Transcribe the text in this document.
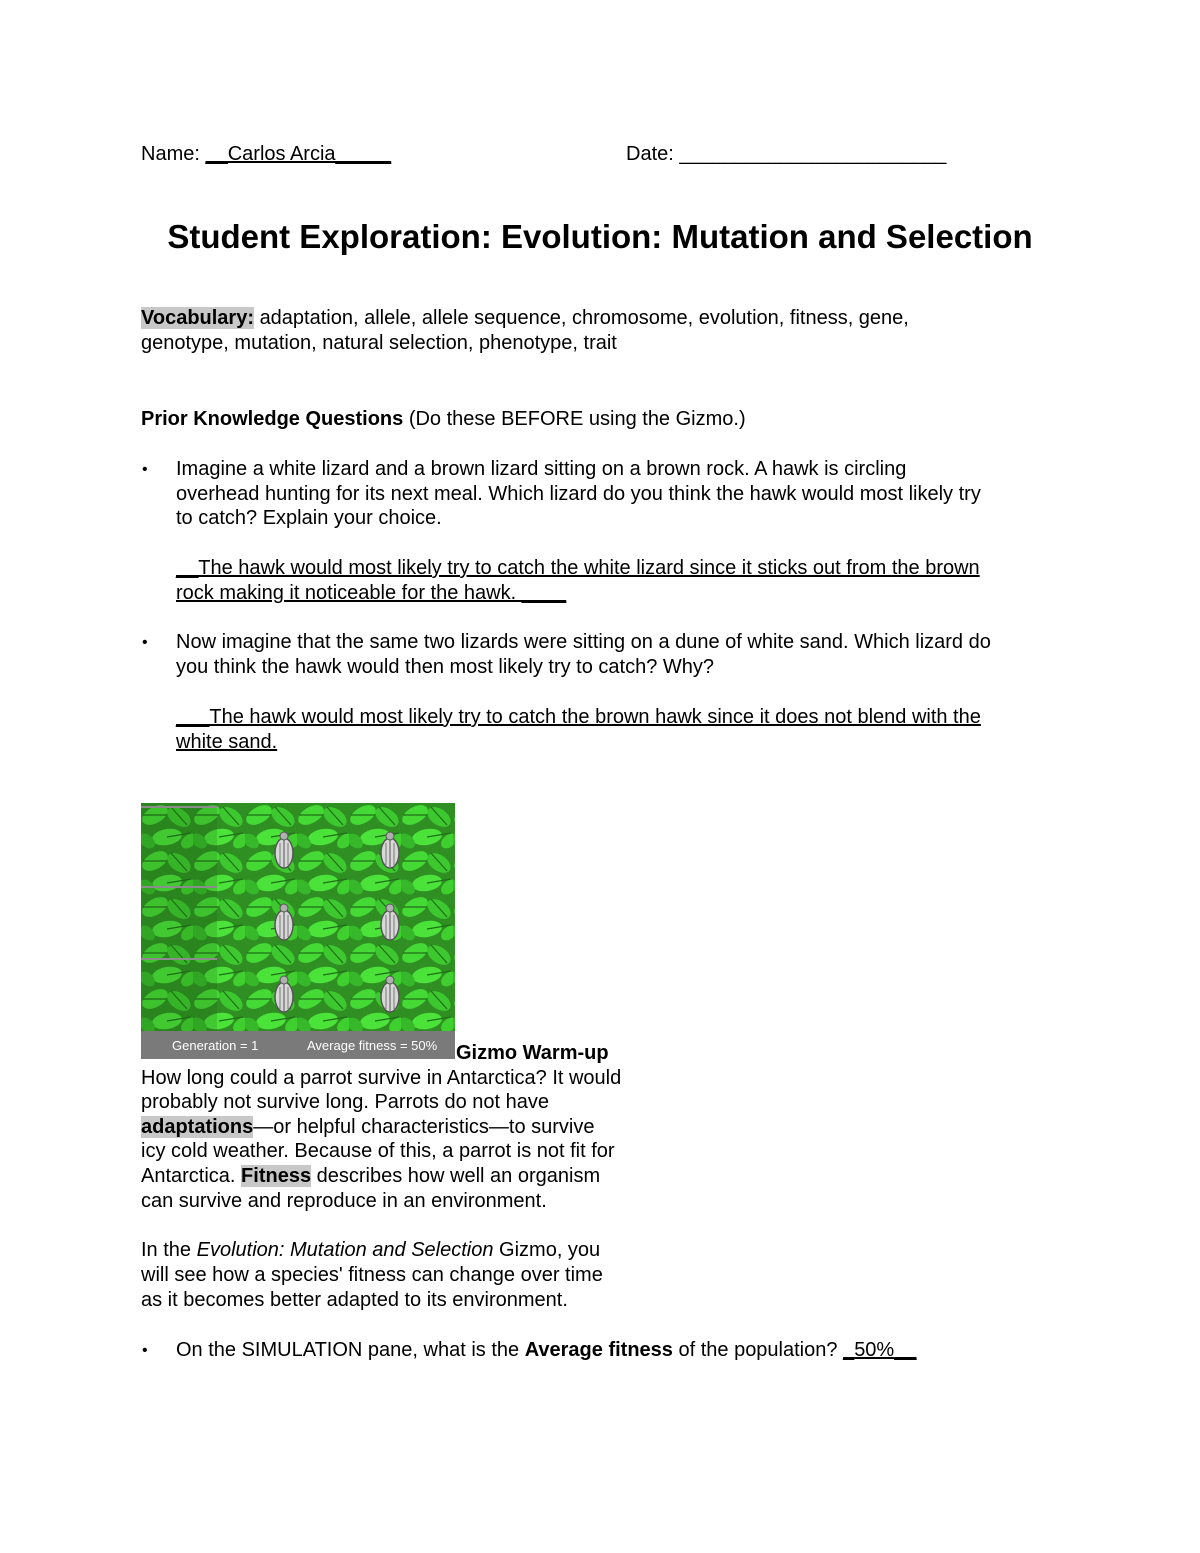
Name: __Carlos Arcia_____	Date: ________________________
Student Exploration: Evolution: Mutation and Selection
Vocabulary: adaptation, allele, allele sequence, chromosome, evolution, fitness, gene,
genotype, mutation, natural selection, phenotype, trait
Prior Knowledge Questions (Do these BEFORE using the Gizmo.)
• Imagine a white lizard and a brown lizard sitting on a brown rock. A hawk is circling
overhead hunting for its next meal. Which lizard do you think the hawk would most likely try
to catch? Explain your choice.
__The hawk would most likely try to catch the white lizard since it sticks out from the brown
rock making it noticeable for the hawk. ____
• Now imagine that the same two lizards were sitting on a dune of white sand. Which lizard do
you think the hawk would then most likely try to catch? Why?
___The hawk would most likely try to catch the brown hawk since it does not blend with the
white sand.
Generation = 1	Average fitness = 50% Gizmo Warm-up
How long could a parrot survive in Antarctica? It would
probably not survive long. Parrots do not have
adaptations—or helpful characteristics—to survive
icy cold weather. Because of this, a parrot is not fit for
Antarctica. Fitness describes how well an organism
can survive and reproduce in an environment.
In the Evolution: Mutation and Selection Gizmo, you
will see how a species' fitness can change over time
as it becomes better adapted to its environment.
• On the SIMULATION pane, what is the Average fitness of the population? _50%__
